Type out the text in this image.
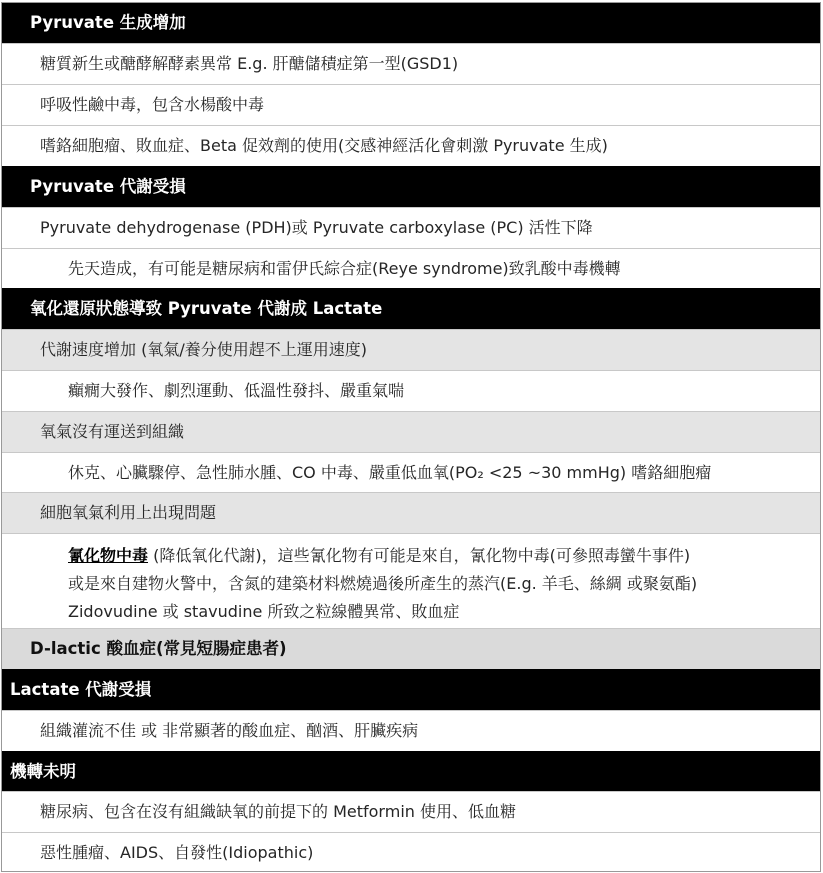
Pyruvate 生成增加
糖質新生或醣酵解酵素異常 E.g. 肝醣儲積症第一型(GSD1)
呼吸性鹼中毒，包含水楊酸中毒
嗜鉻細胞瘤、敗血症、Beta 促效劑的使用(交感神經活化會刺激 Pyruvate 生成)
Pyruvate 代謝受損
Pyruvate dehydrogenase (PDH)或 Pyruvate carboxylase (PC) 活性下降
先天造成，有可能是糖尿病和雷伊氏綜合症(Reye syndrome)致乳酸中毒機轉
氧化還原狀態導致 Pyruvate 代謝成 Lactate
代謝速度增加 (氧氣/養分使用趕不上運用速度)
癲癇大發作、劇烈運動、低溫性發抖、嚴重氣喘
氧氣沒有運送到組織
休克、心臟驟停、急性肺水腫、CO 中毒、嚴重低血氧(PO₂ <25 ~30 mmHg) 嗜鉻細胞瘤
細胞氧氣利用上出現問題
氰化物中毒 (降低氧化代謝)，這些氰化物有可能是來自，氰化物中毒(可參照毒蠻牛事件)
或是來自建物火警中，含氮的建築材料燃燒過後所產生的蒸汽(E.g. 羊毛、絲綢 或聚氨酯)
Zidovudine 或 stavudine 所致之粒線體異常、敗血症
D-lactic 酸血症(常見短腸症患者)
Lactate 代謝受損
組織灌流不佳 或 非常顯著的酸血症、酗酒、肝臟疾病
機轉未明
糖尿病、包含在沒有組織缺氧的前提下的 Metformin 使用、低血糖
惡性腫瘤、AIDS、自發性(Idiopathic)
